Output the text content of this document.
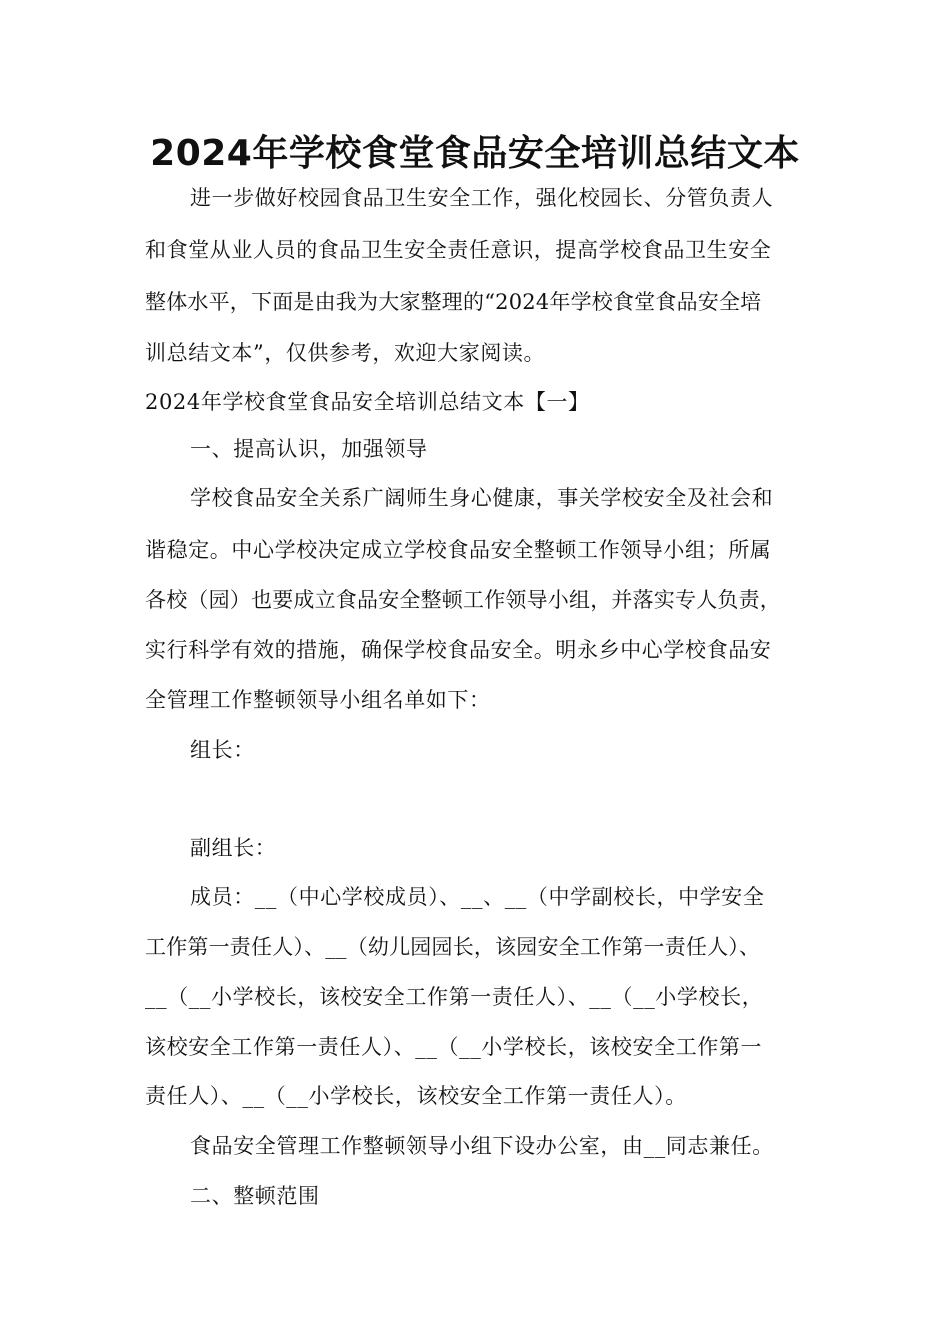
2024年学校食堂食品安全培训总结文本
进一步做好校园食品卫生安全工作，强化校园长、分管负责人
和食堂从业人员的食品卫生安全责任意识，提高学校食品卫生安全
整体水平，下面是由我为大家整理的“2024年学校食堂食品安全培
训总结文本”，仅供参考，欢迎大家阅读。
2024年学校食堂食品安全培训总结文本【一】
一、提高认识，加强领导
学校食品安全关系广阔师生身心健康，事关学校安全及社会和
谐稳定。中心学校决定成立学校食品安全整顿工作领导小组；所属
各校（园）也要成立食品安全整顿工作领导小组，并落实专人负责，
实行科学有效的措施，确保学校食品安全。明永乡中心学校食品安
全管理工作整顿领导小组名单如下：
组长：
副组长：
成员：__（中心学校成员）、__、__（中学副校长，中学安全
工作第一责任人）、__（幼儿园园长，该园安全工作第一责任人）、
__（__小学校长，该校安全工作第一责任人）、__（__小学校长，
该校安全工作第一责任人）、__（__小学校长，该校安全工作第一
责任人）、__（__小学校长，该校安全工作第一责任人）。
食品安全管理工作整顿领导小组下设办公室，由__同志兼任。
二、整顿范围
